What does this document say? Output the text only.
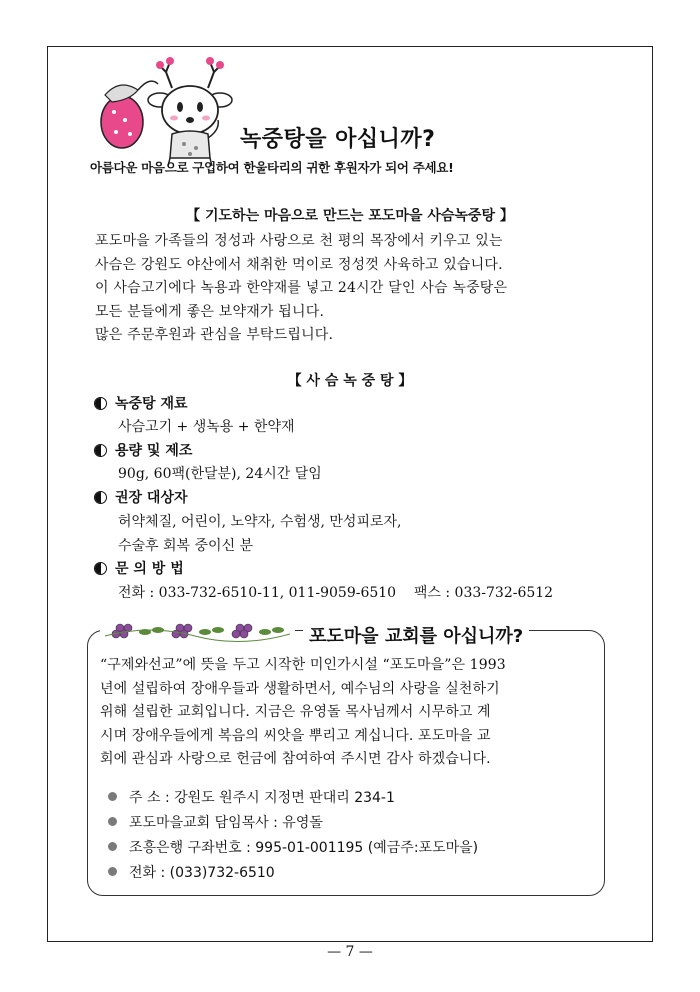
녹중탕을 아십니까?
아름다운 마음으로 구입하여 한울타리의 귀한 후원자가 되어 주세요!
【 기도하는 마음으로 만드는 포도마을 사슴녹중탕 】
포도마을 가족들의 정성과 사랑으로 천 평의 목장에서 키우고 있는
사슴은 강원도 야산에서 채취한 먹이로 정성껏 사육하고 있습니다.
이 사슴고기에다 녹용과 한약재를 넣고 24시간 달인 사슴 녹중탕은
모든 분들에게 좋은 보약재가 됩니다.
많은 주문후원과 관심을 부탁드립니다.
【 사 슴 녹 중 탕 】
녹중탕 재료
사슴고기 + 생녹용 + 한약재
용량 및 제조
90g, 60팩(한달분), 24시간 달임
권장 대상자
허약체질, 어린이, 노약자, 수험생, 만성피로자,
수술후 회복 중이신 분
문 의 방 법
전화 : 033-732-6510-11, 011-9059-6510    팩스 : 033-732-6512
포도마을 교회를 아십니까?
“구제와선교”에 뜻을 두고 시작한 미인가시설 “포도마을”은 1993
년에 설립하여 장애우들과 생활하면서, 예수님의 사랑을 실천하기
위해 설립한 교회입니다. 지금은 유영돌 목사님께서 시무하고 계
시며 장애우들에게 복음의 씨앗을 뿌리고 계십니다. 포도마을 교
회에 관심과 사랑으로 헌금에 참여하여 주시면 감사 하겠습니다.
주 소 : 강원도 원주시 지정면 판대리 234-1
포도마을교회 담임목사 : 유영돌
조흥은행 구좌번호 : 995-01-001195 (예금주:포도마을)
전화 : (033)732-6510
— 7 —
